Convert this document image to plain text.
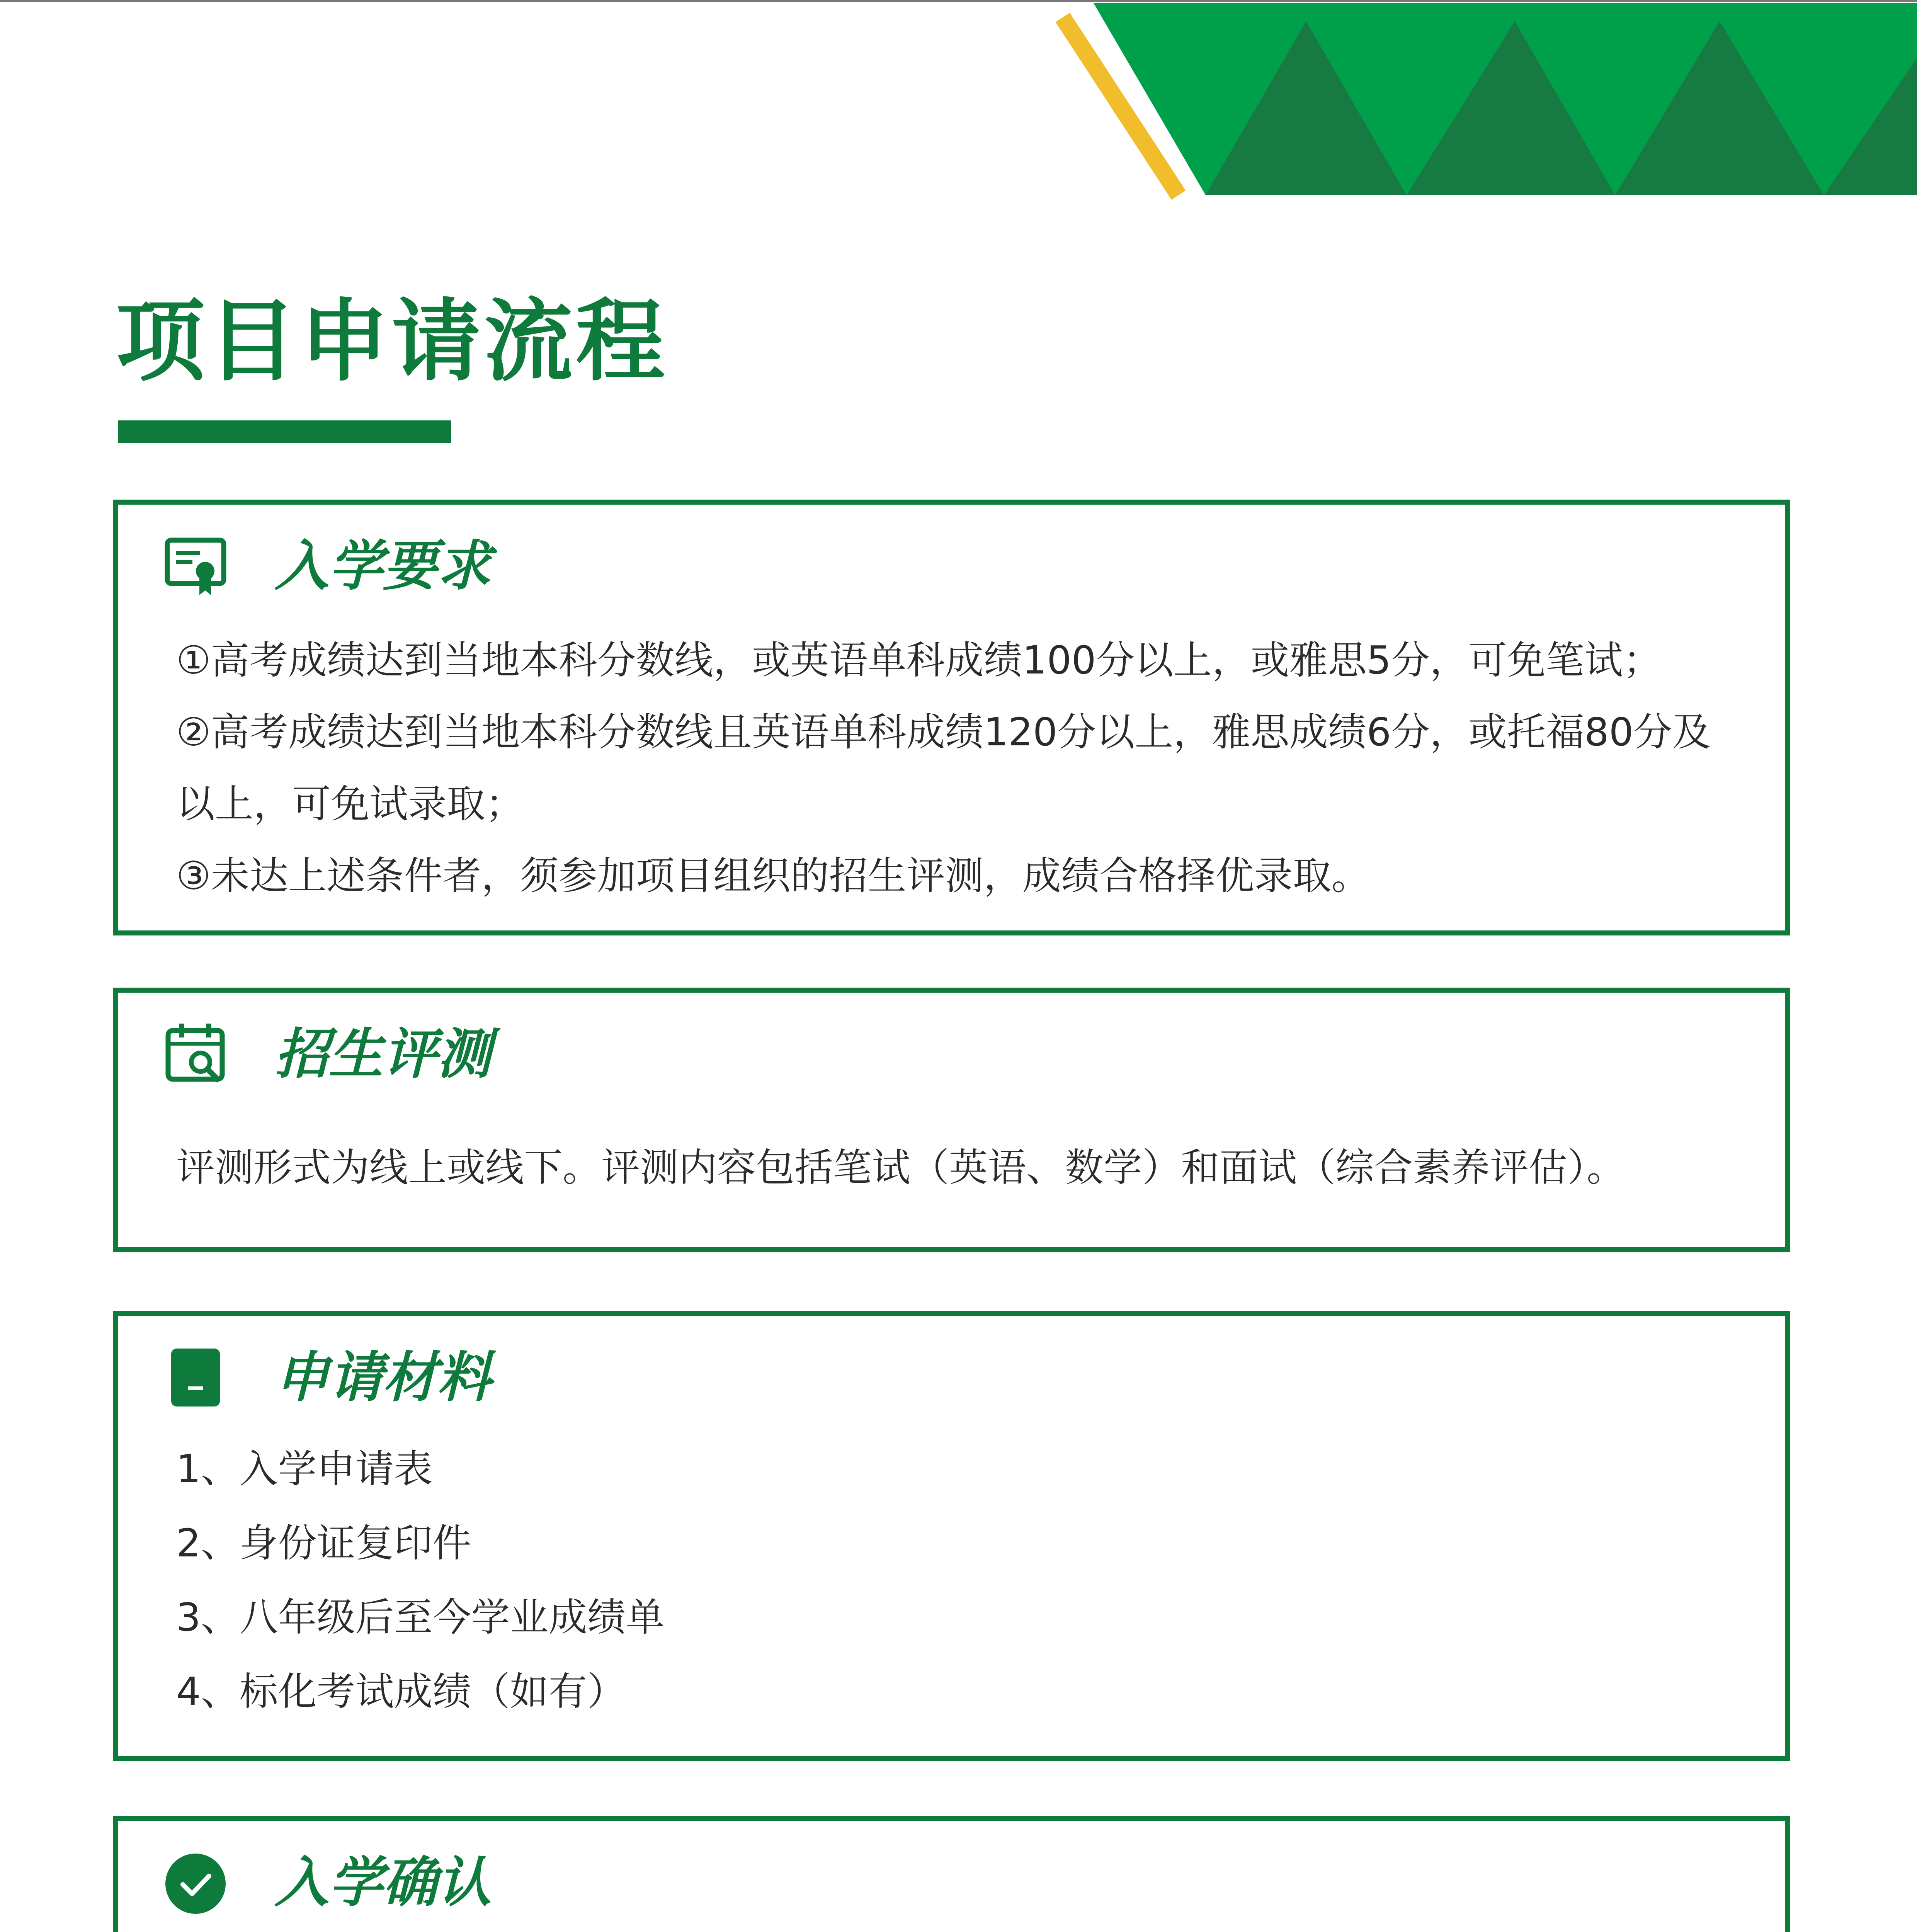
项目申请流程
入学要求

①高考成绩达到当地本科分数线，或英语单科成绩100分以上，或雅思5分，可免笔试；

②高考成绩达到当地本科分数线且英语单科成绩120分以上，雅思成绩6分，或托福80分及以上，可免试录取；

③未达上述条件者，须参加项目组织的招生评测，成绩合格择优录取。

招生评测

评测形式为线上或线下。评测内容包括笔试（英语、数学）和面试（综合素养评估）。

申请材料

1、入学申请表

2、身份证复印件

3、八年级后至今学业成绩单

4、标化考试成绩（如有）

入学确认
